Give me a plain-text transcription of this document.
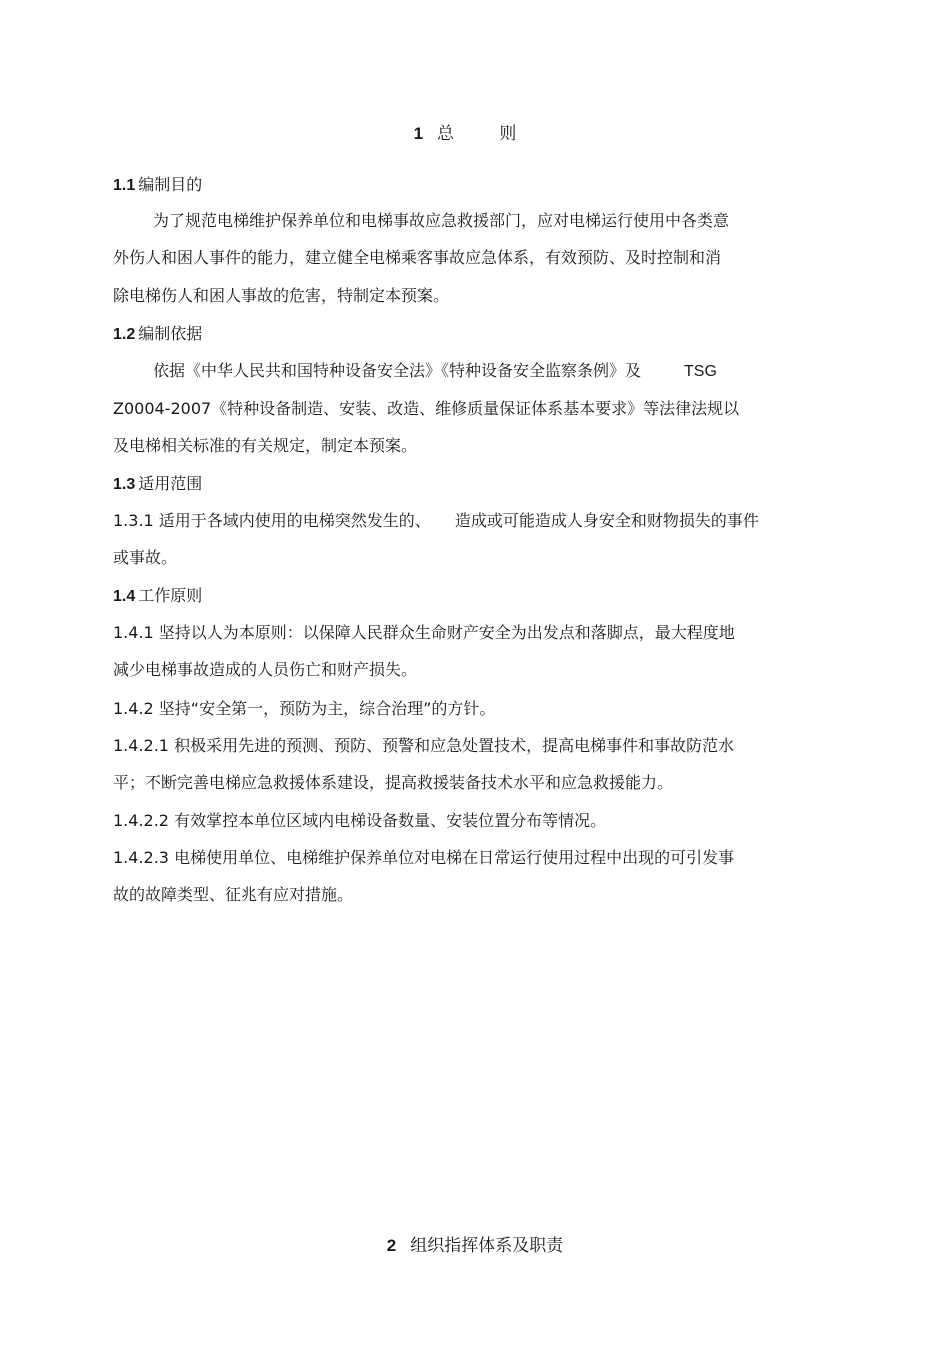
1 总 则
1.1 编制目的
为了规范电梯维护保养单位和电梯事故应急救援部门，应对电梯运行使用中各类意
外伤人和困人事件的能力，建立健全电梯乘客事故应急体系，有效预防、及时控制和消
除电梯伤人和困人事故的危害，特制定本预案。
1.2 编制依据
依据《中华人民共和国特种设备安全法》《特种设备安全监察条例》及	TSG
Z0004-2007《特种设备制造、安装、改造、维修质量保证体系基本要求》等法律法规以
及电梯相关标准的有关规定，制定本预案。
1.3 适用范围
1.3.1 适用于各域内使用的电梯突然发生的、 造成或可能造成人身安全和财物损失的事件
或事故。
1.4 工作原则
1.4.1 坚持以人为本原则：以保障人民群众生命财产安全为出发点和落脚点，最大程度地
减少电梯事故造成的人员伤亡和财产损失。
1.4.2 坚持“安全第一，预防为主，综合治理”的方针。
1.4.2.1 积极采用先进的预测、预防、预警和应急处置技术，提高电梯事件和事故防范水
平；不断完善电梯应急救援体系建设，提高救援装备技术水平和应急救援能力。
1.4.2.2 有效掌控本单位区域内电梯设备数量、安装位置分布等情况。
1.4.2.3 电梯使用单位、电梯维护保养单位对电梯在日常运行使用过程中出现的可引发事
故的故障类型、征兆有应对措施。
2 组织指挥体系及职责
